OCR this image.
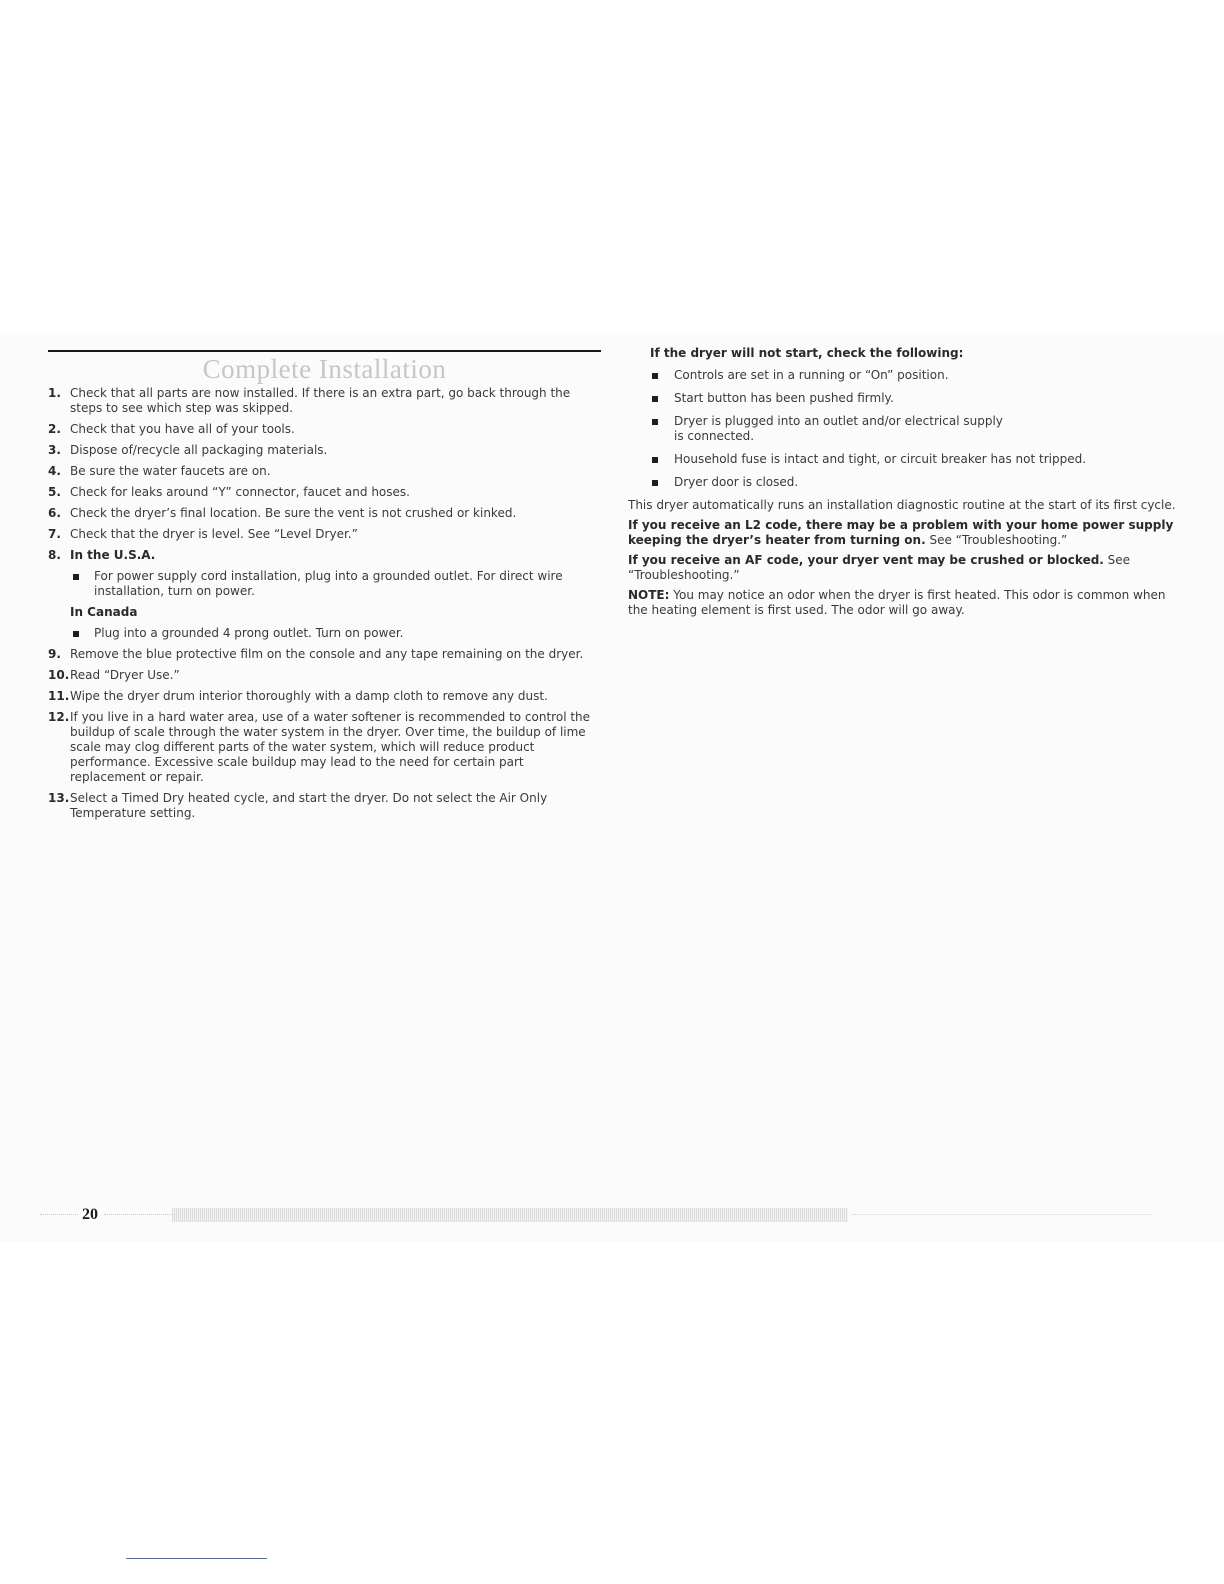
Complete Installation
1. Check that all parts are now installed. If there is an extra part, go back through the steps to see which step was skipped.
2. Check that you have all of your tools.
3. Dispose of/recycle all packaging materials.
4. Be sure the water faucets are on.
5. Check for leaks around “Y” connector, faucet and hoses.
6. Check the dryer’s final location. Be sure the vent is not crushed or kinked.
7. Check that the dryer is level. See “Level Dryer.”
8. In the U.S.A.
For power supply cord installation, plug into a grounded outlet. For direct wire installation, turn on power.
In Canada
Plug into a grounded 4 prong outlet. Turn on power.
9. Remove the blue protective film on the console and any tape remaining on the dryer.
10. Read “Dryer Use.”
11. Wipe the dryer drum interior thoroughly with a damp cloth to remove any dust.
12. If you live in a hard water area, use of a water softener is recommended to control the buildup of scale through the water system in the dryer. Over time, the buildup of lime scale may clog different parts of the water system, which will reduce product performance. Excessive scale buildup may lead to the need for certain part replacement or repair.
13. Select a Timed Dry heated cycle, and start the dryer. Do not select the Air Only Temperature setting.
If the dryer will not start, check the following:
Controls are set in a running or “On” position.
Start button has been pushed firmly.
Dryer is plugged into an outlet and/or electrical supply is connected.
Household fuse is intact and tight, or circuit breaker has not tripped.
Dryer door is closed.
This dryer automatically runs an installation diagnostic routine at the start of its first cycle.
If you receive an L2 code, there may be a problem with your home power supply keeping the dryer’s heater from turning on. See “Troubleshooting.”
If you receive an AF code, your dryer vent may be crushed or blocked. See “Troubleshooting.”
NOTE: You may notice an odor when the dryer is first heated. This odor is common when the heating element is first used. The odor will go away.
20
